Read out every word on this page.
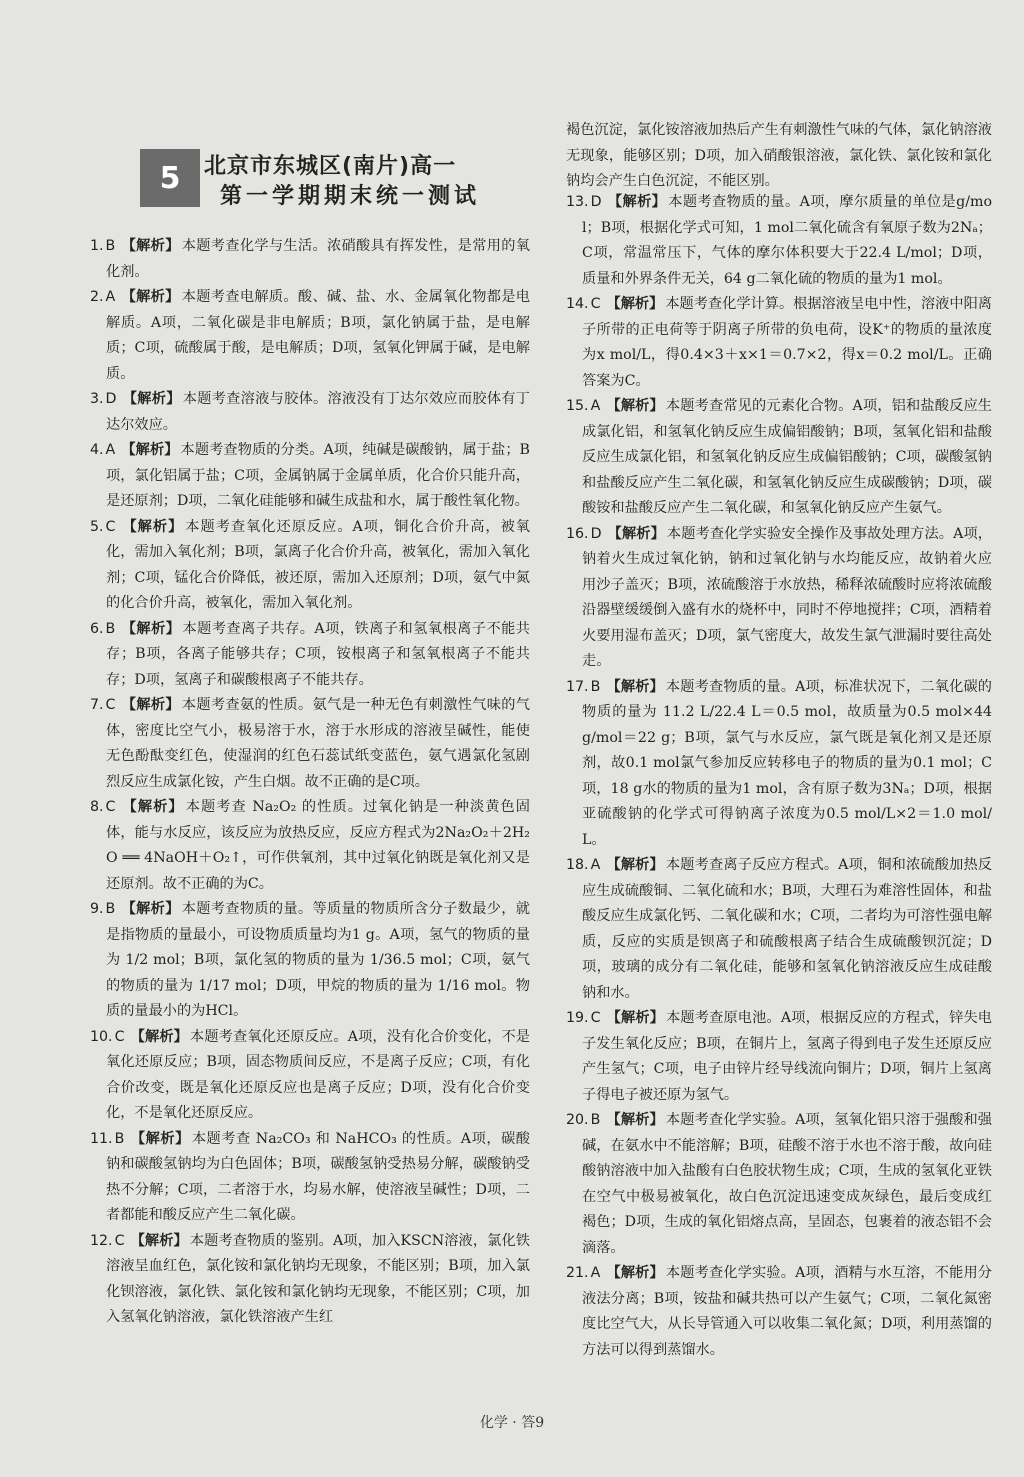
5	北京市东城区(南片)高一
第一学期期末统一测试

1. B 【解析】 本题考查化学与生活。浓硝酸具有挥发性，是常用的氧化剂。

2. A 【解析】 本题考查电解质。酸、碱、盐、水、金属氧化物都是电解质。A项，二氧化碳是非电解质；B项，氯化钠属于盐，是电解质；C项，硫酸属于酸，是电解质；D项，氢氧化钾属于碱，是电解质。

3. D 【解析】 本题考查溶液与胶体。溶液没有丁达尔效应而胶体有丁达尔效应。

4. A 【解析】 本题考查物质的分类。A项，纯碱是碳酸钠，属于盐；B项，氯化铝属于盐；C项，金属钠属于金属单质，化合价只能升高，是还原剂；D项，二氧化硅能够和碱生成盐和水，属于酸性氧化物。

5. C 【解析】 本题考查氧化还原反应。A项，铜化合价升高，被氧化，需加入氧化剂；B项，氯离子化合价升高，被氧化，需加入氧化剂；C项，锰化合价降低，被还原，需加入还原剂；D项，氨气中氮的化合价升高，被氧化，需加入氧化剂。

6. B 【解析】 本题考查离子共存。A项，铁离子和氢氧根离子不能共存；B项，各离子能够共存；C项，铵根离子和氢氧根离子不能共存；D项，氢离子和碳酸根离子不能共存。

7. C 【解析】 本题考查氨的性质。氨气是一种无色有刺激性气味的气体，密度比空气小，极易溶于水，溶于水形成的溶液呈碱性，能使无色酚酞变红色，使湿润的红色石蕊试纸变蓝色，氨气遇氯化氢剧烈反应生成氯化铵，产生白烟。故不正确的是C项。

8. C 【解析】 本题考查 Na₂O₂ 的性质。过氧化钠是一种淡黄色固体，能与水反应，该反应为放热反应，反应方程式为2Na₂O₂＋2H₂O ══ 4NaOH＋O₂↑，可作供氧剂，其中过氧化钠既是氧化剂又是还原剂。故不正确的为C。

9. B 【解析】 本题考查物质的量。等质量的物质所含分子数最少，就是指物质的量最小，可设物质质量均为1 g。A项，氢气的物质的量为 1/2 mol；B项，氯化氢的物质的量为 1/36.5 mol；C项，氨气的物质的量为 1/17 mol；D项，甲烷的物质的量为 1/16 mol。物质的量最小的为HCl。

10. C 【解析】 本题考查氧化还原反应。A项，没有化合价变化，不是氧化还原反应；B项，固态物质间反应，不是离子反应；C项，有化合价改变，既是氧化还原反应也是离子反应；D项，没有化合价变化，不是氧化还原反应。

11. B 【解析】 本题考查 Na₂CO₃ 和 NaHCO₃ 的性质。A项，碳酸钠和碳酸氢钠均为白色固体；B项，碳酸氢钠受热易分解，碳酸钠受热不分解；C项，二者溶于水，均易水解，使溶液呈碱性；D项，二者都能和酸反应产生二氧化碳。

12. C 【解析】 本题考查物质的鉴别。A项，加入KSCN溶液，氯化铁溶液呈血红色，氯化铵和氯化钠均无现象，不能区别；B项，加入氯化钡溶液，氯化铁、氯化铵和氯化钠均无现象，不能区别；C项，加入氢氧化钠溶液，氯化铁溶液产生红

褐色沉淀，氯化铵溶液加热后产生有刺激性气味的气体，氯化钠溶液无现象，能够区别；D项，加入硝酸银溶液，氯化铁、氯化铵和氯化钠均会产生白色沉淀，不能区别。

13. D 【解析】 本题考查物质的量。A项，摩尔质量的单位是g/mol；B项，根据化学式可知，1 mol二氧化硫含有氧原子数为2Nₐ；C项，常温常压下，气体的摩尔体积要大于22.4 L/mol；D项，质量和外界条件无关，64 g二氧化硫的物质的量为1 mol。

14. C 【解析】 本题考查化学计算。根据溶液呈电中性，溶液中阳离子所带的正电荷等于阴离子所带的负电荷，设K⁺的物质的量浓度为x mol/L，得0.4×3＋x×1＝0.7×2，得x＝0.2 mol/L。正确答案为C。

15. A 【解析】 本题考查常见的元素化合物。A项，铝和盐酸反应生成氯化铝，和氢氧化钠反应生成偏铝酸钠；B项，氢氧化铝和盐酸反应生成氯化铝，和氢氧化钠反应生成偏铝酸钠；C项，碳酸氢钠和盐酸反应产生二氧化碳，和氢氧化钠反应生成碳酸钠；D项，碳酸铵和盐酸反应产生二氧化碳，和氢氧化钠反应产生氨气。

16. D 【解析】 本题考查化学实验安全操作及事故处理方法。A项，钠着火生成过氧化钠，钠和过氧化钠与水均能反应，故钠着火应用沙子盖灭；B项，浓硫酸溶于水放热，稀释浓硫酸时应将浓硫酸沿器壁缓缓倒入盛有水的烧杯中，同时不停地搅拌；C项，酒精着火要用湿布盖灭；D项，氯气密度大，故发生氯气泄漏时要往高处走。

17. B 【解析】 本题考查物质的量。A项，标准状况下，二氧化碳的物质的量为 11.2 L/22.4 L＝0.5 mol，故质量为0.5 mol×44 g/mol＝22 g；B项，氯气与水反应，氯气既是氧化剂又是还原剂，故0.1 mol氯气参加反应转移电子的物质的量为0.1 mol；C项，18 g水的物质的量为1 mol，含有原子数为3Nₐ；D项，根据亚硫酸钠的化学式可得钠离子浓度为0.5 mol/L×2＝1.0 mol/L。

18. A 【解析】 本题考查离子反应方程式。A项，铜和浓硫酸加热反应生成硫酸铜、二氧化硫和水；B项，大理石为难溶性固体，和盐酸反应生成氯化钙、二氧化碳和水；C项，二者均为可溶性强电解质，反应的实质是钡离子和硫酸根离子结合生成硫酸钡沉淀；D项，玻璃的成分有二氧化硅，能够和氢氧化钠溶液反应生成硅酸钠和水。

19. C 【解析】 本题考查原电池。A项，根据反应的方程式，锌失电子发生氧化反应；B项，在铜片上，氢离子得到电子发生还原反应产生氢气；C项，电子由锌片经导线流向铜片；D项，铜片上氢离子得电子被还原为氢气。

20. B 【解析】 本题考查化学实验。A项，氢氧化铝只溶于强酸和强碱，在氨水中不能溶解；B项，硅酸不溶于水也不溶于酸，故向硅酸钠溶液中加入盐酸有白色胶状物生成；C项，生成的氢氧化亚铁在空气中极易被氧化，故白色沉淀迅速变成灰绿色，最后变成红褐色；D项，生成的氧化铝熔点高，呈固态，包裹着的液态铝不会滴落。

21. A 【解析】 本题考查化学实验。A项，酒精与水互溶，不能用分液法分离；B项，铵盐和碱共热可以产生氨气；C项，二氧化氮密度比空气大，从长导管通入可以收集二氧化氮；D项，利用蒸馏的方法可以得到蒸馏水。

化学 · 答9
